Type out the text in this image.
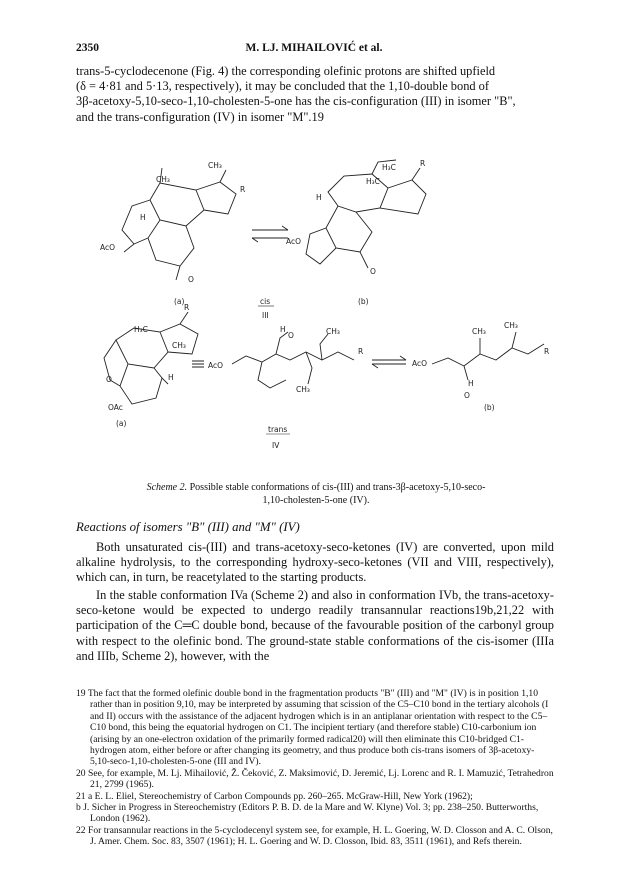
2350	M. LJ. MIHAILOVIĆ et al.

trans-5-cyclodecenone (Fig. 4) the corresponding olefinic protons are shifted upfield
(δ = 4·81 and 5·13, respectively), it may be concluded that the 1,10-double bond of
3β-acetoxy-5,10-seco-1,10-cholesten-5-one has the cis-configuration (III) in isomer "B",
and the trans-configuration (IV) in isomer "M".19

CH₃
CH₃
R
H
AcO
O
(a)
H₃C
H₃C
R
H
AcO
O
(b)
cis
III
R
H₃C
CH₃
H
O
OAc
(a)
AcO
H
O	CH₃
CH₃
R
AcO
H
O
CH₃
CH₃
R
(b)
trans
IV
Scheme 2. Possible stable conformations of cis-(III) and trans-3β-acetoxy-5,10-seco-
1,10-cholesten-5-one (IV).
Reactions of isomers "B" (III) and "M" (IV)

Both unsaturated cis-(III) and trans-acetoxy-seco-ketones (IV) are converted, upon mild alkaline hydrolysis, to the corresponding hydroxy-seco-ketones (VII and VIII, respectively), which can, in turn, be reacetylated to the starting products.

In the stable conformation IVa (Scheme 2) and also in conformation IVb, the trans-acetoxy-seco-ketone would be expected to undergo readily transannular reactions19b,21,22 with participation of the C═C double bond, because of the favourable position of the carbonyl group with respect to the olefinic bond. The ground-state stable conformations of the cis-isomer (IIIa and IIIb, Scheme 2), however, with the

19 The fact that the formed olefinic double bond in the fragmentation products "B" (III) and "M" (IV) is in position 1,10 rather than in position 9,10, may be interpreted by assuming that scission of the C5–C10 bond in the tertiary alcohols (I and II) occurs with the assistance of the adjacent hydrogen which is in an antiplanar orientation with respect to the C5–C10 bond, this being the equatorial hydrogen on C1. The incipient tertiary (and therefore stable) C10-carbonium ion (arising by an one-electron oxidation of the primarily formed radical20) will then eliminate this C10-bridged C1-hydrogen atom, either before or after changing its geometry, and thus produce both cis-trans isomers of 3β-acetoxy-5,10-seco-1,10-cholesten-5-one (III and IV).
20 See, for example, M. Lj. Mihailović, Ž. Čeković, Z. Maksimović, D. Jeremić, Lj. Lorenc and R. I. Mamuzić, Tetrahedron 21, 2799 (1965).
21 a E. L. Eliel, Stereochemistry of Carbon Compounds pp. 260–265. McGraw-Hill, New York (1962);
b J. Sicher in Progress in Stereochemistry (Editors P. B. D. de la Mare and W. Klyne) Vol. 3; pp. 238–250. Butterworths, London (1962).
22 For transannular reactions in the 5-cyclodecenyl system see, for example, H. L. Goering, W. D. Closson and A. C. Olson, J. Amer. Chem. Soc. 83, 3507 (1961); H. L. Goering and W. D. Closson, Ibid. 83, 3511 (1961), and Refs therein.
